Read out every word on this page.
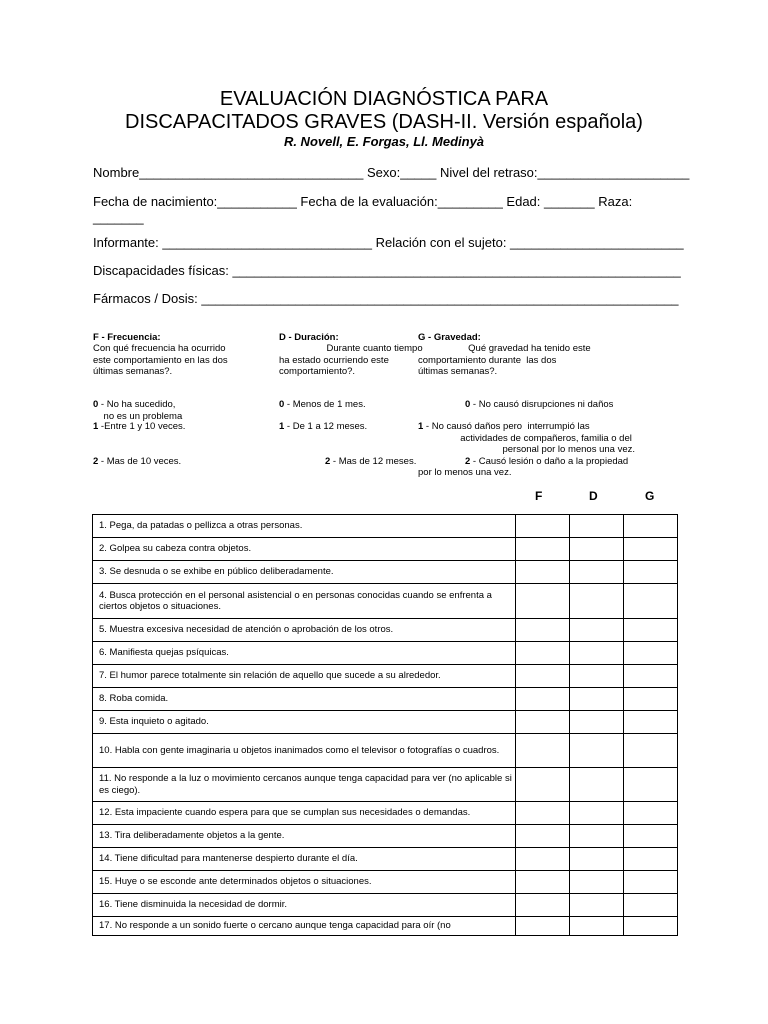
EVALUACIÓN DIAGNÓSTICA PARA
DISCAPACITADOS GRAVES (DASH-II. Versión española)
R. Novell, E. Forgas, Ll. Medinyà
Nombre_______________________________ Sexo:_____ Nivel del retraso:_____________________
Fecha de nacimiento:___________ Fecha de la evaluación:_________ Edad: _______ Raza:
_______
Informante: _____________________________ Relación con el sujeto: ________________________
Discapacidades físicas: ______________________________________________________________
Fármacos / Dosis: __________________________________________________________________
F - Frecuencia:
Con qué frecuencia ha ocurrido
este comportamiento en las dos
últimas semanas?.
D - Duración:
Durante cuanto tiempo
ha estado ocurriendo este
comportamiento?.
G - Gravedad:
Qué gravedad ha tenido este
comportamiento durante  las dos
últimas semanas?.
0 - No ha sucedido,
no es un problema
1 -Entre 1 y 10 veces.
2 - Mas de 10 veces.
0 - Menos de 1 mes.
1 - De 1 a 12 meses.
2 - Mas de 12 meses.
0 - No causó disrupciones ni daños
1 - No causó daños pero  interrumpió las
actividades de compañeros, familia o del
personal por lo menos una vez.
2 - Causó lesión o daño a la propiedad
por lo menos una vez.
F	D	G
1. Pega, da patadas o pellizca a otras personas.			
2. Golpea su cabeza contra objetos.			
3. Se desnuda o se exhibe en público deliberadamente.			
4. Busca protección en el personal asistencial o en personas conocidas cuando se enfrenta a ciertos objetos o situaciones.			
5. Muestra excesiva necesidad de atención o aprobación de los otros.			
6. Manifiesta quejas psíquicas.			
7. El humor parece totalmente sin relación de aquello que sucede a su alrededor.			
8. Roba comida.			
9. Esta inquieto o agitado.			
10. Habla con gente imaginaria u objetos inanimados como el televisor o fotografías o cuadros.			
11. No responde a la luz o movimiento cercanos aunque tenga capacidad para ver (no aplicable si es ciego).			
12. Esta impaciente cuando espera para que se cumplan sus necesidades o demandas.			
13. Tira deliberadamente objetos a la gente.			
14. Tiene dificultad para mantenerse despierto durante el día.			
15. Huye o se esconde ante determinados objetos o situaciones.			
16. Tiene disminuida la necesidad de dormir.			
17. No responde a un sonido fuerte o cercano aunque tenga capacidad para oír (no			
